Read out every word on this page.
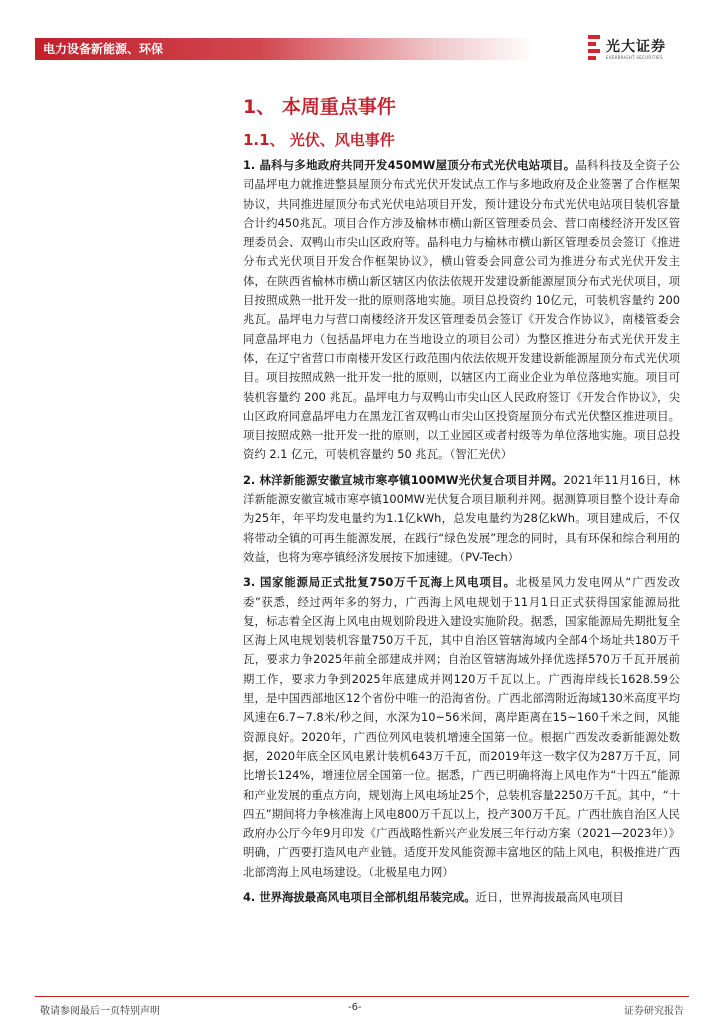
电力设备新能源、环保	光大证券
EVERBRIGHT SECURITIES
1、 本周重点事件
1.1、 光伏、风电事件

1. 晶科与多地政府共同开发450MW屋顶分布式光伏电站项目。晶科科技及全资子公司晶坪电力就推进整县屋顶分布式光伏开发试点工作与多地政府及企业签署了合作框架协议，共同推进屋顶分布式光伏电站项目开发，预计建设分布式光伏电站项目装机容量合计约450兆瓦。项目合作方涉及榆林市横山新区管理委员会、营口南楼经济开发区管理委员会、双鸭山市尖山区政府等。晶科电力与榆林市横山新区管理委员会签订《推进分布式光伏项目开发合作框架协议》，横山管委会同意公司为推进分布式光伏开发主体，在陕西省榆林市横山新区辖区内依法依规开发建设新能源屋顶分布式光伏项目，项目按照成熟一批开发一批的原则落地实施。项目总投资约 10亿元，可装机容量约 200 兆瓦。晶坪电力与营口南楼经济开发区管理委员会签订《开发合作协议》，南楼管委会同意晶坪电力（包括晶坪电力在当地设立的项目公司）为整区推进分布式光伏开发主体，在辽宁省营口市南楼开发区行政范围内依法依规开发建设新能源屋顶分布式光伏项目。项目按照成熟一批开发一批的原则，以辖区内工商业企业为单位落地实施。项目可装机容量约 200 兆瓦。晶坪电力与双鸭山市尖山区人民政府签订《开发合作协议》，尖山区政府同意晶坪电力在黑龙江省双鸭山市尖山区投资屋顶分布式光伏整区推进项目。项目按照成熟一批开发一批的原则，以工业园区或者村级等为单位落地实施。项目总投资约 2.1 亿元，可装机容量约 50 兆瓦。（智汇光伏）

2. 林洋新能源安徽宣城市寒亭镇100MW光伏复合项目并网。2021年11月16日，林洋新能源安徽宣城市寒亭镇100MW光伏复合项目顺利并网。据测算项目整个设计寿命为25年，年平均发电量约为1.1亿kWh，总发电量约为28亿kWh。项目建成后，不仅将带动全镇的可再生能源发展，在践行“绿色发展”理念的同时，具有环保和综合利用的效益，也将为寒亭镇经济发展按下加速键。（PV-Tech）

3. 国家能源局正式批复750万千瓦海上风电项目。北极星风力发电网从“广西发改委”获悉，经过两年多的努力，广西海上风电规划于11月1日正式获得国家能源局批复，标志着全区海上风电由规划阶段进入建设实施阶段。据悉，国家能源局先期批复全区海上风电规划装机容量750万千瓦，其中自治区管辖海域内全部4个场址共180万千瓦，要求力争2025年前全部建成并网；自治区管辖海域外择优选择570万千瓦开展前期工作，要求力争到2025年底建成并网120万千瓦以上。广西海岸线长1628.59公里，是中国西部地区12个省份中唯一的沿海省份。广西北部湾附近海域130米高度平均风速在6.7~7.8米/秒之间，水深为10~56米间，离岸距离在15~160千米之间，风能资源良好。2020年，广西位列风电装机增速全国第一位。根据广西发改委新能源处数据，2020年底全区风电累计装机643万千瓦，而2019年这一数字仅为287万千瓦，同比增长124%，增速位居全国第一位。据悉，广西已明确将海上风电作为“十四五”能源和产业发展的重点方向，规划海上风电场址25个，总装机容量2250万千瓦。其中，“十四五”期间将力争核准海上风电800万千瓦以上，投产300万千瓦。广西壮族自治区人民政府办公厅今年9月印发《广西战略性新兴产业发展三年行动方案（2021—2023年）》明确，广西要打造风电产业链。适度开发风能资源丰富地区的陆上风电，积极推进广西北部湾海上风电场建设。（北极星电力网）

4. 世界海拔最高风电项目全部机组吊装完成。近日，世界海拔最高风电项目

敬请参阅最后一页特别声明	-6-	证券研究报告
